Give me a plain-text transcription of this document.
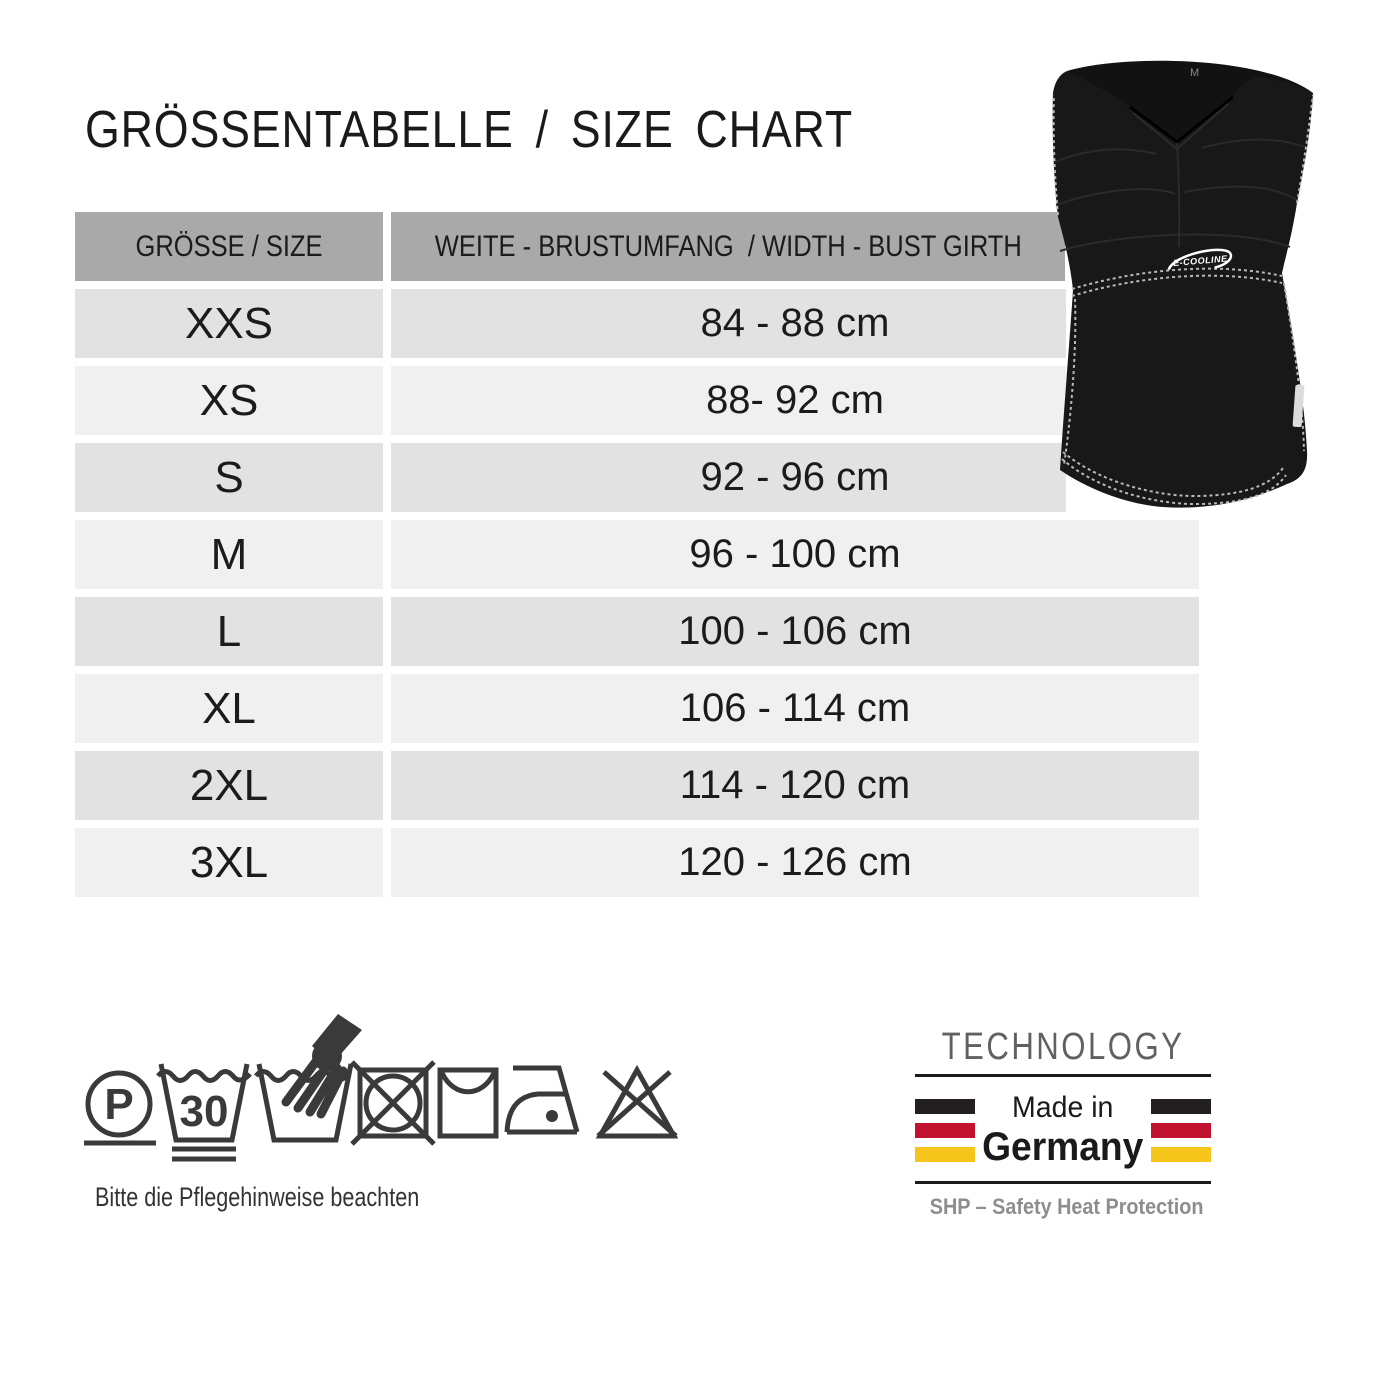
GRÖSSENTABELLE / SIZE CHART
GRÖSSE / SIZE	WEITE - BRUSTUMFANG  / WIDTH - BUST GIRTH
XXS	84 - 88 cm
XS	88- 92 cm
S	92 - 96 cm
M	96 - 100 cm
L	100 - 106 cm
XL	106 - 114 cm
2XL	114 - 120 cm
3XL	120 - 126 cm
M
E-COOLINE
P 30
Bitte die Pflegehinweise beachten
TECHNOLOGY
Made in
Germany
SHP – Safety Heat Protection
